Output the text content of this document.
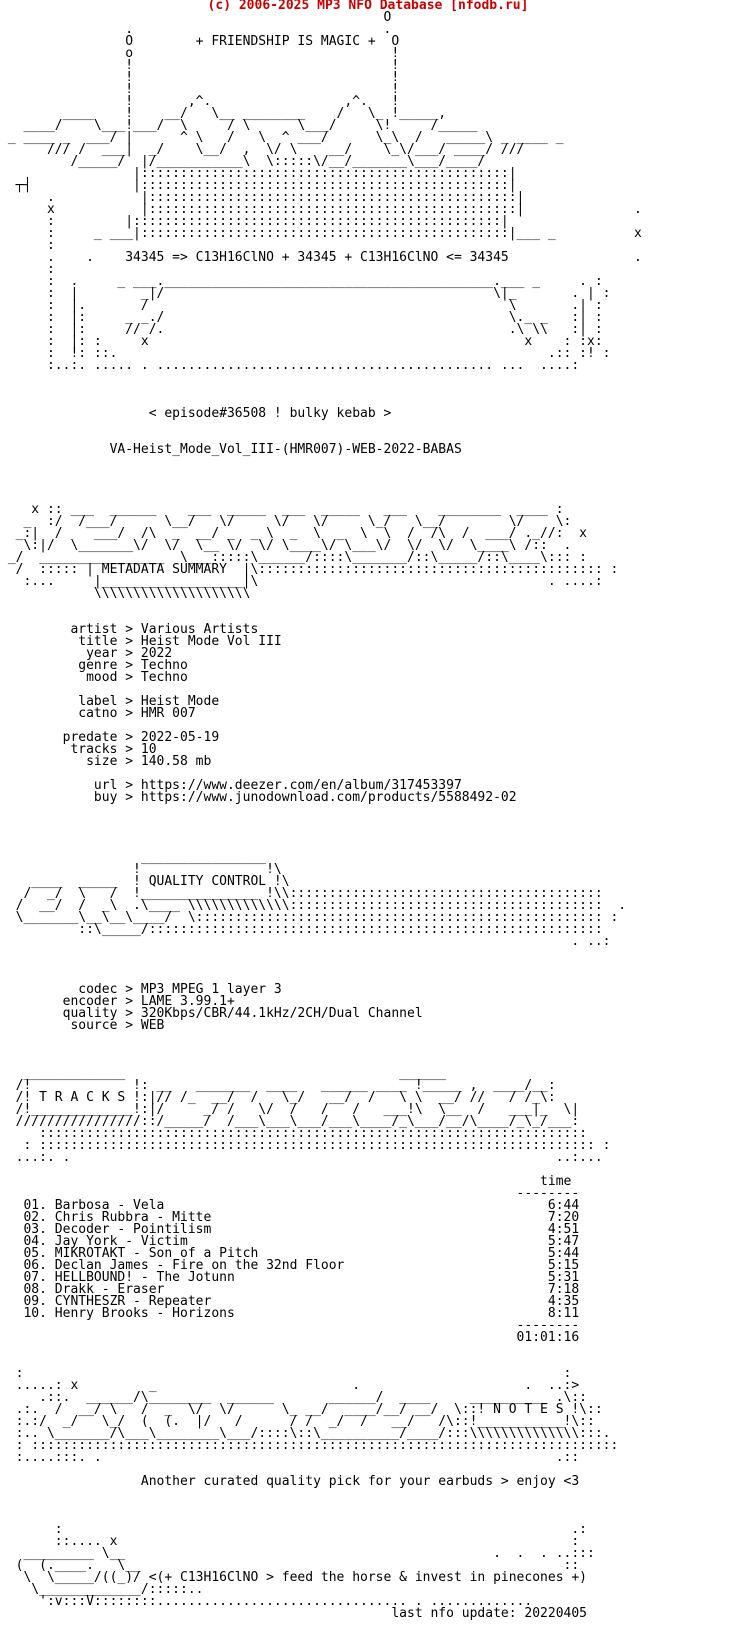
(c) 2006-2025 MP3 NFO Database [nfodb.ru]
O
.                                .
O        + FRIENDSHIP IS MAGIC +  O
o                                 !
!                                 !
!                                 !
!                                 !
!       ,^.                 ,^.   !
____    !    __/   \__ ________    /   \_ !_____,
____/    \___!___/  \     / \      \___/     \!     /_____
_ ____ _  ___/ |      ^ \   /   \  ^ ___/      \_\  /   _____\ _ ____ _
/// /  ___|  _/    \__/  ,  \/ \    __/    \_\/___/ ____/ ///
/_____/  |/___________\  \:::::\/__/_______\___/____/
|:::::::::::::::::::::::::::::::::::::::::::::::|
┬┤             |:::::::::::::::::::::::::::::::::::::::::::::::|
.           |:::::::::::::::::::::::::::::::::::::::::::::::|
x           |:::::::::::::::::::::::::::::::::::::::::::::::|              .
:         |:::::::::::::::::::::::::::::::::::::::::::::::|
:     _ ___|:::::::::::::::::::::::::::::::::::::::::::::::|___ _          x
:
.    .    34345 => C13H16ClNO + 34345 + C13H16ClNO <= 34345                .
:
:  .     _ ___.__________________________________________.___ _     . :
:  |        _|/                                          \|_       . | :
:  |.       /                                              \       .| :
:  |:     _ _./                                            \._ _   :| :
:  |:     // /.                                            .\ \\   :| :
:  |: :     x                                                x    : :x:
:  !: ::.                                                       .:: :! :
:..:. ..... . ........................................... ...  ....:
< episode#36508 ! bulky kebab >
VA-Heist_Mode_Vol_III-(HMR007)-WEB-2022-BABAS
x :: ___  ______    ___  _____  ___  _____   ___    ________  ____ :
_  :/  /___/      \__/   \/     \/   \/     \_/   \__/        \/    \:
_:|  /    ___/  /\  _  __/ _  _ \  _  \  _  \  \  /  /\  /  ___/ ._//:  x
\:|/  \_______\/  \/  \__ \/  \/ \____\/ \___\/  \/  \/  \____\ /::  .
_/  ________________  \___:::::\______/::::\_______/::\_____/::\____\::: :
/  ::::: | METADATA SUMMARY  |\:::::::::::::::::::::::::::::::::::::::::::: :
:...     |__________________|\                                     . ....:
\\\\\\\\\\\\\\\\\\\\
artist > Various Artists
title > Heist Mode Vol III
year > 2022
genre > Techno
mood > Techno
label > Heist Mode
catno > HMR 007
predate > 2022-05-19
tracks > 10
size > 140.58 mb
url > https://www.deezer.com/en/album/317453397
buy > https://www.junodownload.com/products/5588492-02
________________
!                !\
____  _____  ! QUALITY CONTROL !\
/  _/  \   /  !_______________ !\\::::::::::::::::::::::::::::::::::::::::
/  __/  /  _\  .\____ \\\\\\\\\\\\\::::::::::::::::::::::::::::::::::::::::  .
\_______\__\__\____/  \:::::::::::::::::::::::::::::::::::::::::::::::::::: :
::\_____/::::::::::::::::::::::::::::::::::::::::::::::::::::::::::
. ..:
codec > MP3 MPEG 1 layer 3
encoder > LAME 3.99.1+
quality > 320Kbps/CBR/44.1kHz/2CH/Dual Channel
source > WEB
_____________                                   ______
/!             !: __   _______  ____   ______ ____ !_____ ,  ____/__:
/! T R A C K S !:|// /_  __/  /   \_/   __/  /   \ \  __/ //   / /_\:
/!_____________!:|/     _/ /   \/  /   /   /   ___!\  \__  /   ___|_  \|
////////////////::/_____/  /___\___\___/___\____/_\___/__/\____/_\_/___:
::::::::::::::::::::::::::::::::::::::::::::::::::::::::::::::::::::::
: ::::::::::::::::::::::::::::::::::::::::::::::::::::::::::::::::::::::: :
...:. .                                                              ..:...
time
--------
01. Barbosa - Vela                                                 6:44
02. Chris Rubbra - Mitte                                           7:20
03. Decoder - Pointilism                                           4:51
04. Jay York - Victim                                              5:47
05. MIKROTAKT - Son of a Pitch                                     5:44
06. Declan James - Fire on the 32nd Floor                          5:15
07. HELLBOUND! - The Jotunn                                        5:31
08. Drakk - Eraser                                                 7:18
09. CYNTHESZR - Repeater                                           4:35
10. Henry Brooks - Horizons                                        8:11
--------
01:01:16
:                                                                     :
.....: x         _                         .                     .  ..:>
.::.  ______/\________  ______       ______/  ____     __________ .\::
.:.  /  __/ \   /  _  \/  \/      \_ __/  ____/__/ __/  \::! N O T E S !\::
:.:/  _/   \_/  (  (.  |/   /      / /  _/  /   __/   /\::!___________!\::
:.. \_______/\___\________\___/::::\::\__________/____/:::\\\\\\\\\\\\\\:::.
: :::::::::::::::::::::::::::::::::::::::::::::::::::::::::::::::::::::::::::
:....:::. .                                                          .::
Another curated quality pick for your earbuds > enjoy <3
:                                                                 .:
::.... x                                                          :
_________ \__                                               .  .  . ..:::
(  (.____.   \__                                                      ::
\  \_____/((_)/ <(+ C13H16ClNO > feed the horse & invest in pinecones +)
\_____________/:::::..
':v:::V::::::::................................ . .............
last nfo update: 20220405
